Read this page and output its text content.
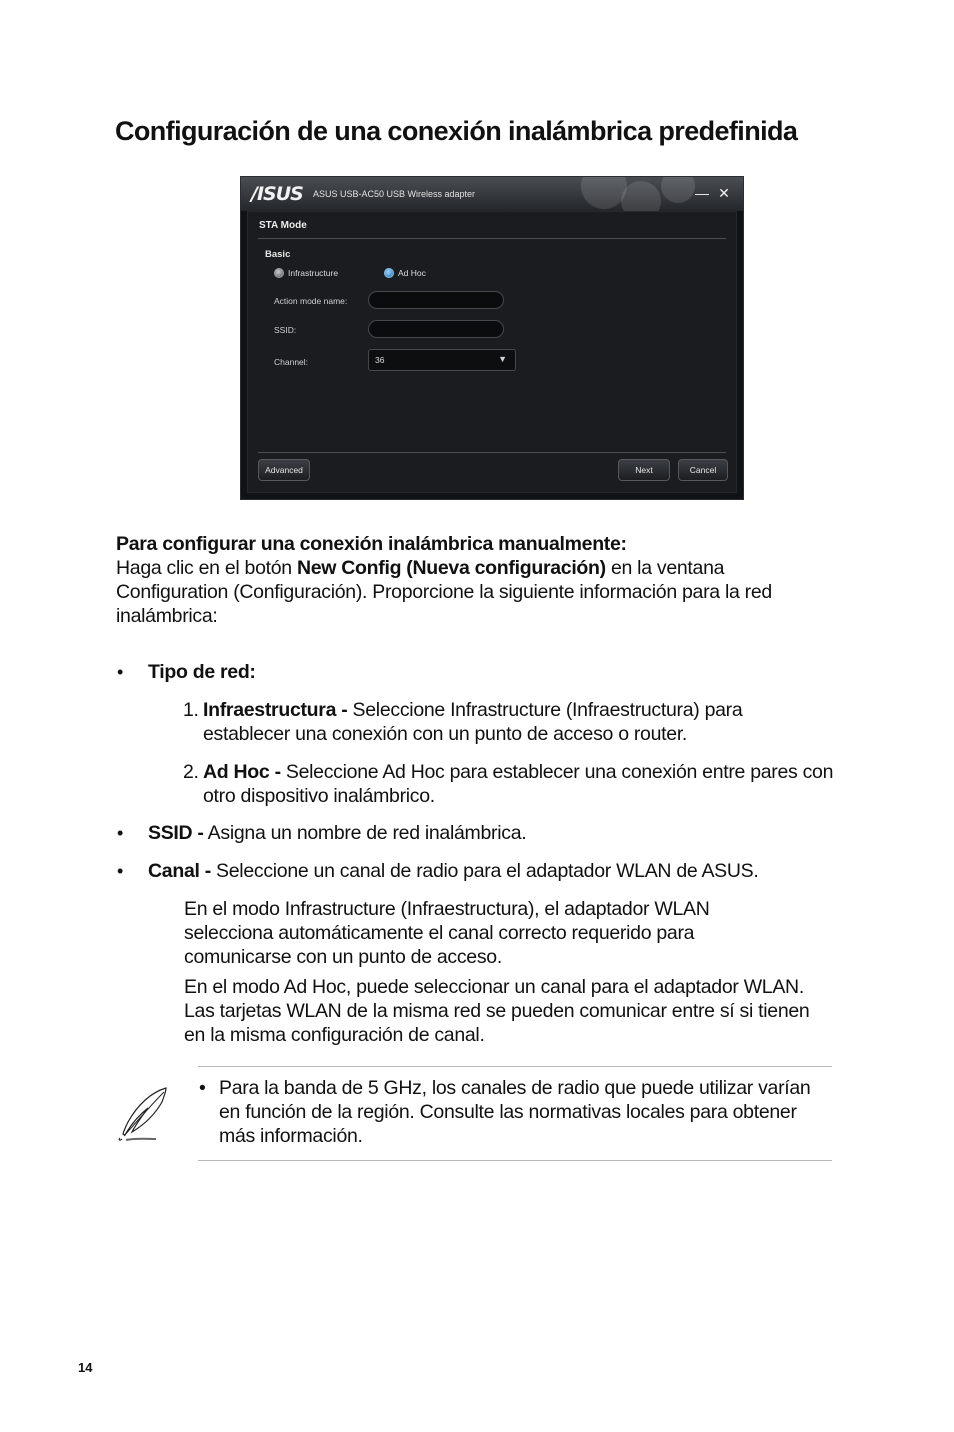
Configuración de una conexión inalámbrica predefinida
/ISUS ASUS USB-AC50 USB Wireless adapter	— ✕
STA Mode
Basic
Infrastructure	Ad Hoc
Action mode name:
SSID:
Channel:	36	▼
Advanced	Next	Cancel
Para configurar una conexión inalámbrica manualmente:
Haga clic en el botón New Config (Nueva configuración) en la ventana Configuration (Configuración). Proporcione la siguiente información para la red inalámbrica:
• Tipo de red:
1. Infraestructura - Seleccione Infrastructure (Infraestructura) para establecer una conexión con un punto de acceso o router.
2. Ad Hoc - Seleccione Ad Hoc para establecer una conexión entre pares con otro dispositivo inalámbrico.
• SSID - Asigna un nombre de red inalámbrica.
• Canal - Seleccione un canal de radio para el adaptador WLAN de ASUS.
En el modo Infrastructure (Infraestructura), el adaptador WLAN selecciona automáticamente el canal correcto requerido para comunicarse con un punto de acceso.
En el modo Ad Hoc, puede seleccionar un canal para el adaptador WLAN. Las tarjetas WLAN de la misma red se pueden comunicar entre sí si tienen en la misma configuración de canal.
• Para la banda de 5 GHz, los canales de radio que puede utilizar varían en función de la región. Consulte las normativas locales para obtener más información.
14
